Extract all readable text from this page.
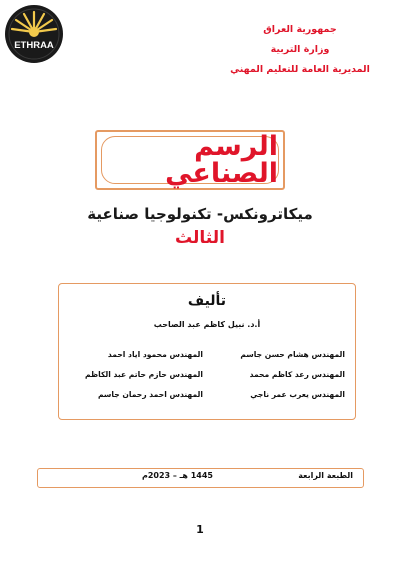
ETHRAA
جمهورية العراق
وزارة التربية
المديرية العامة للتعليم المهني
الرسم الصناعي
ميكاترونكس- تكنولوجيا صناعية
الثالث
تأليف
أ.د. نبيل كاظم عبد الصاحب
المهندس هشام حسن جاسم
المهندس رعد كاظم محمد
المهندس يعرب عمر ناجي
المهندس محمود اياد احمد
المهندس حازم حاتم عبد الكاظم
المهندس احمد رحمان جاسم
الطبعة الرابعة
1445 هـ – 2023م
1
